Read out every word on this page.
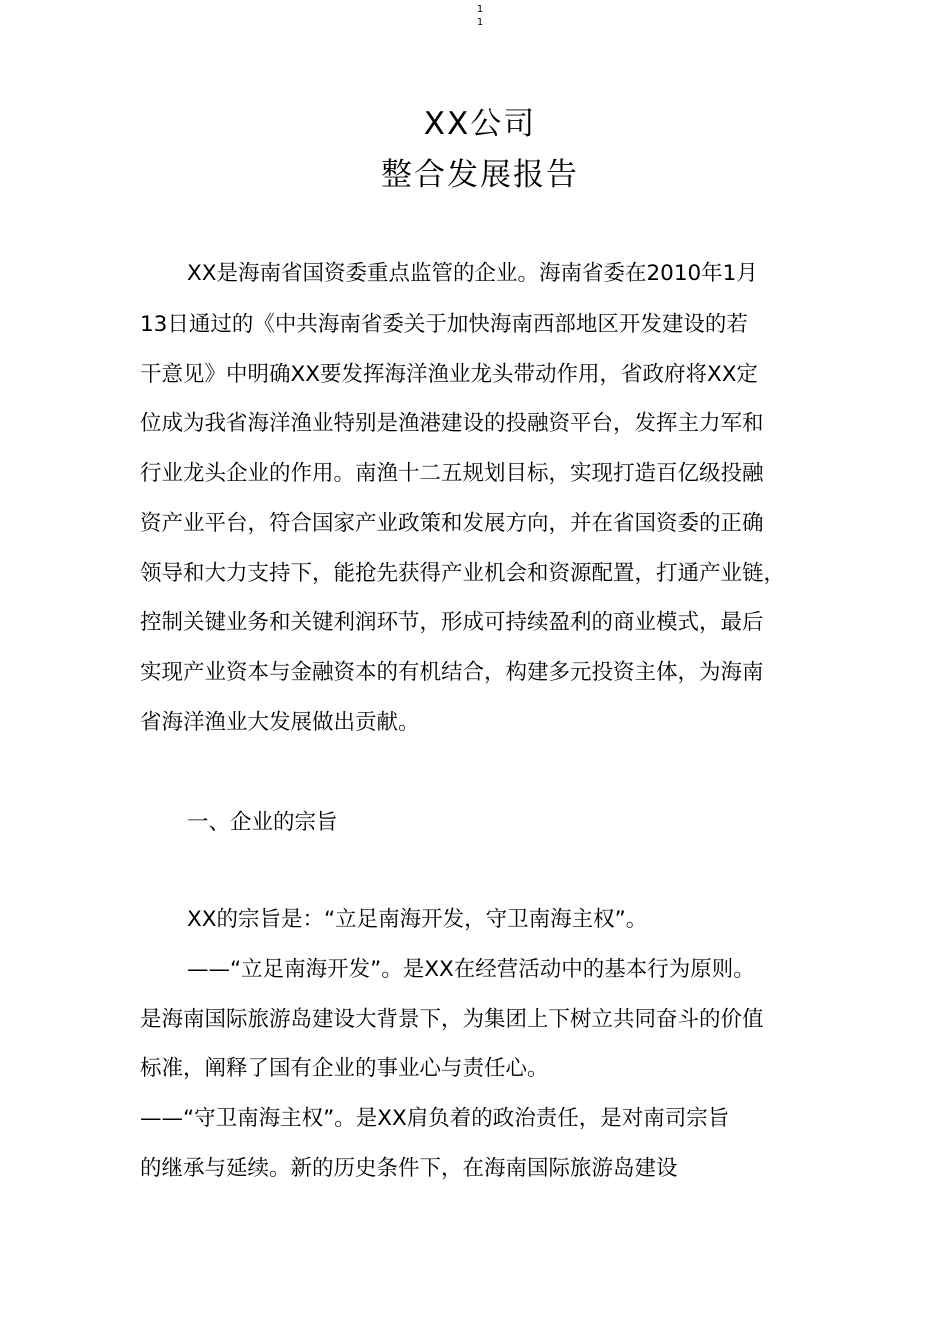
1
1
XX公司
整合发展报告
XX是海南省国资委重点监管的企业。海南省委在2010年1月
13日通过的《中共海南省委关于加快海南西部地区开发建设的若
干意见》中明确XX要发挥海洋渔业龙头带动作用，省政府将XX定
位成为我省海洋渔业特别是渔港建设的投融资平台，发挥主力军和
行业龙头企业的作用。南渔十二五规划目标，实现打造百亿级投融
资产业平台，符合国家产业政策和发展方向，并在省国资委的正确
领导和大力支持下，能抢先获得产业机会和资源配置，打通产业链，
控制关键业务和关键利润环节，形成可持续盈利的商业模式，最后
实现产业资本与金融资本的有机结合，构建多元投资主体，为海南
省海洋渔业大发展做出贡献。
一、企业的宗旨
XX的宗旨是：“立足南海开发，守卫南海主权”。
——“立足南海开发”。是XX在经营活动中的基本行为原则。
是海南国际旅游岛建设大背景下，为集团上下树立共同奋斗的价值
标准，阐释了国有企业的事业心与责任心。
——“守卫南海主权”。是XX肩负着的政治责任，是对南司宗旨
的继承与延续。新的历史条件下，在海南国际旅游岛建设
